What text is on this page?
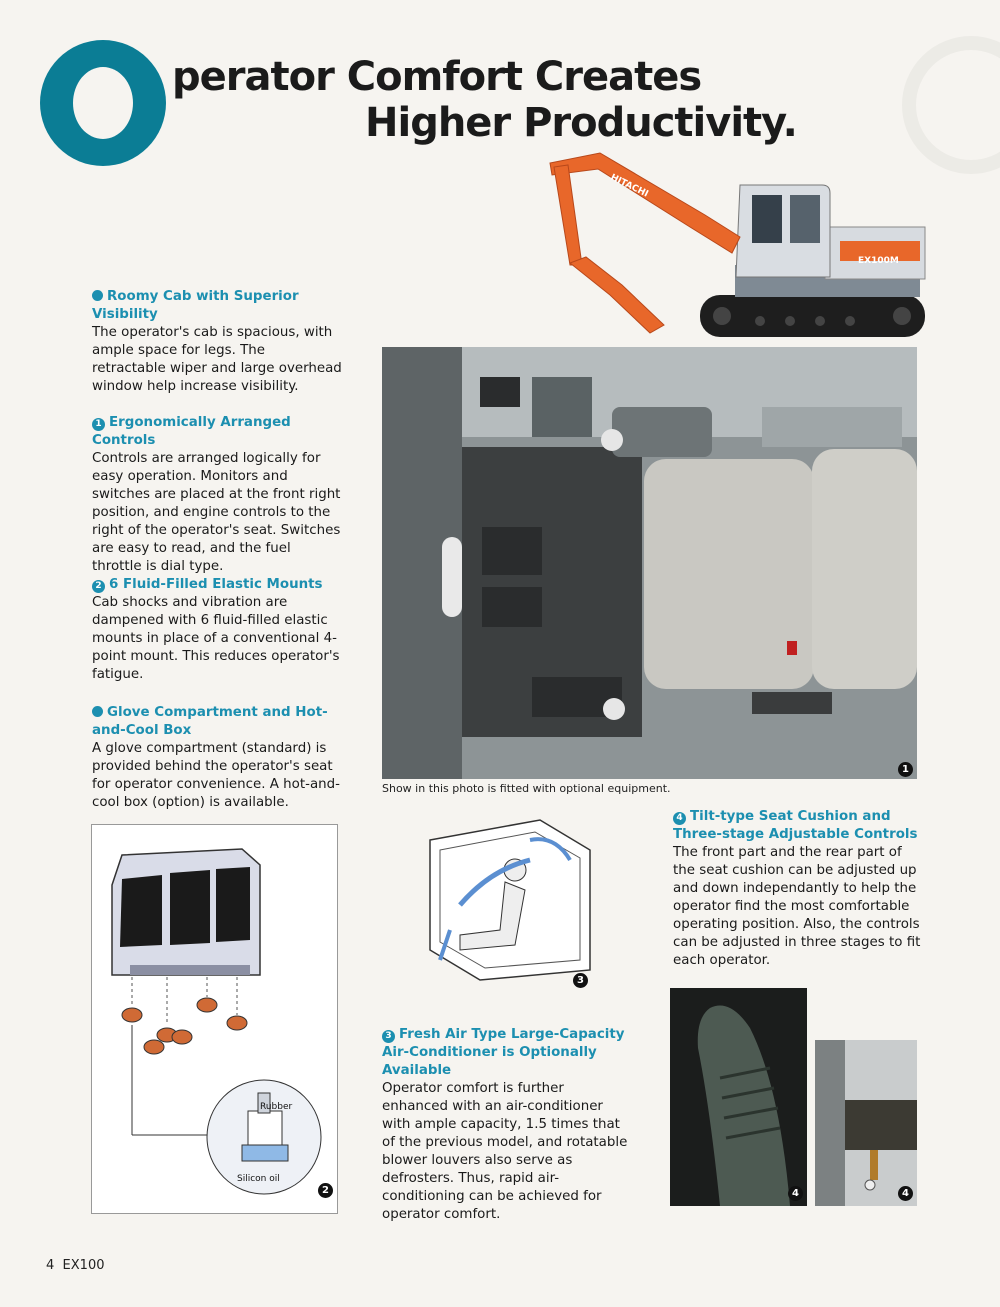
perator Comfort Creates
Higher Productivity.
HITACHI
EX100M
Roomy Cab with Superior Visibility

The operator's cab is spacious, with ample space for legs. The retractable wiper and large overhead window help increase visibility.

1 Ergonomically Arranged Controls

Controls are arranged logically for easy operation. Monitors and switches are placed at the front right position, and engine controls to the right of the operator's seat. Switches are easy to read, and the fuel throttle is dial type.

2 6 Fluid-Filled Elastic Mounts

Cab shocks and vibration are dampened with 6 fluid-filled elastic mounts in place of a conventional 4-point mount. This reduces operator's fatigue.

Glove Compartment and Hot-and-Cool Box

A glove compartment (standard) is provided behind the operator's seat for operator convenience. A hot-and-cool box (option) is available.

1
Show in this photo is fitted with optional equipment.
Rubber
Silicon oil
2
3
3 Fresh Air Type Large-Capacity Air-Conditioner is Optionally Available

Operator comfort is further enhanced with an air-conditioner with ample capacity, 1.5 times that of the previous model, and rotatable blower louvers also serve as defrosters. Thus, rapid air-conditioning can be achieved for operator comfort.

4 Tilt-type Seat Cushion and Three-stage Adjustable Controls

The front part and the rear part of the seat cushion can be adjusted up and down independantly to help the operator find the most comfortable operating position. Also, the controls can be adjusted in three stages to fit each operator.

4	4
4 EX100
